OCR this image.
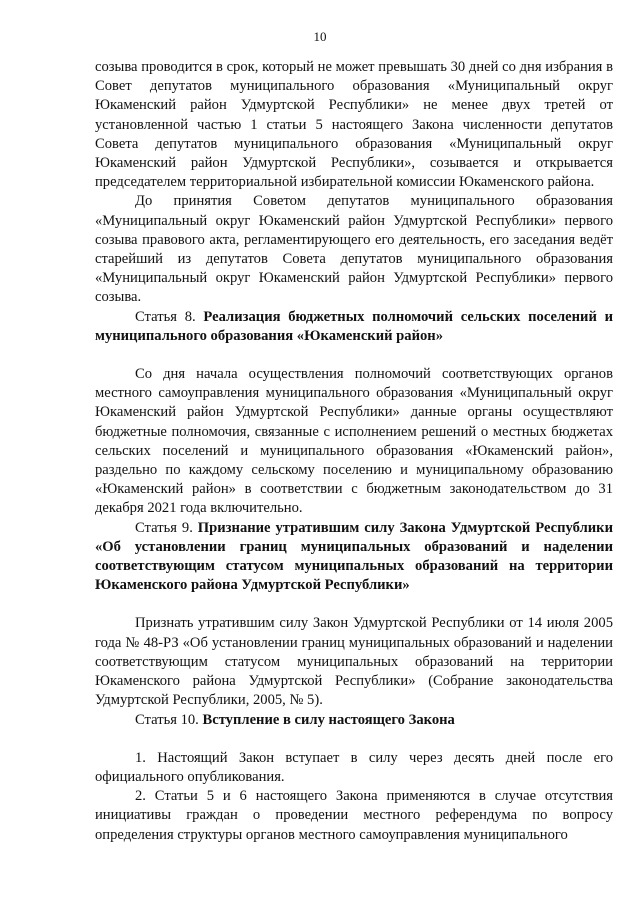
10

созыва проводится в срок, который не может превышать 30 дней со дня избрания в Совет депутатов муниципального образования «Муниципальный округ Юкаменский район Удмуртской Республики» не менее двух третей от установленной частью 1 статьи 5 настоящего Закона численности депутатов Совета депутатов муниципального образования «Муниципальный округ Юкаменский район Удмуртской Республики», созывается и открывается председателем территориальной избирательной комиссии Юкаменского района.

До принятия Советом депутатов муниципального образования «Муниципальный округ Юкаменский район Удмуртской Республики» первого созыва правового акта, регламентирующего его деятельность, его заседания ведёт старейший из депутатов Совета депутатов муниципального образования «Муниципальный округ Юкаменский район Удмуртской Республики» первого созыва.

Статья 8. Реализация бюджетных полномочий сельских поселений и муниципального образования «Юкаменский район»

Со дня начала осуществления полномочий соответствующих органов местного самоуправления муниципального образования «Муниципальный округ Юкаменский район Удмуртской Республики» данные органы осуществляют бюджетные полномочия, связанные с исполнением решений о местных бюджетах сельских поселений и муниципального образования «Юкаменский район», раздельно по каждому сельскому поселению и муниципальному образованию «Юкаменский район» в соответствии с бюджетным законодательством до 31 декабря 2021 года включительно.

Статья 9. Признание утратившим силу Закона Удмуртской Республики «Об установлении границ муниципальных образований и наделении соответствующим статусом муниципальных образований на территории Юкаменского района Удмуртской Республики»

Признать утратившим силу Закон Удмуртской Республики от 14 июля 2005 года № 48-РЗ «Об установлении границ муниципальных образований и наделении соответствующим статусом муниципальных образований на территории Юкаменского района Удмуртской Республики» (Собрание законодательства Удмуртской Республики, 2005, № 5).

Статья 10. Вступление в силу настоящего Закона

1. Настоящий Закон вступает в силу через десять дней после его официального опубликования.

2. Статьи 5 и 6 настоящего Закона применяются в случае отсутствия инициативы граждан о проведении местного референдума по вопросу определения структуры органов местного самоуправления муниципального
